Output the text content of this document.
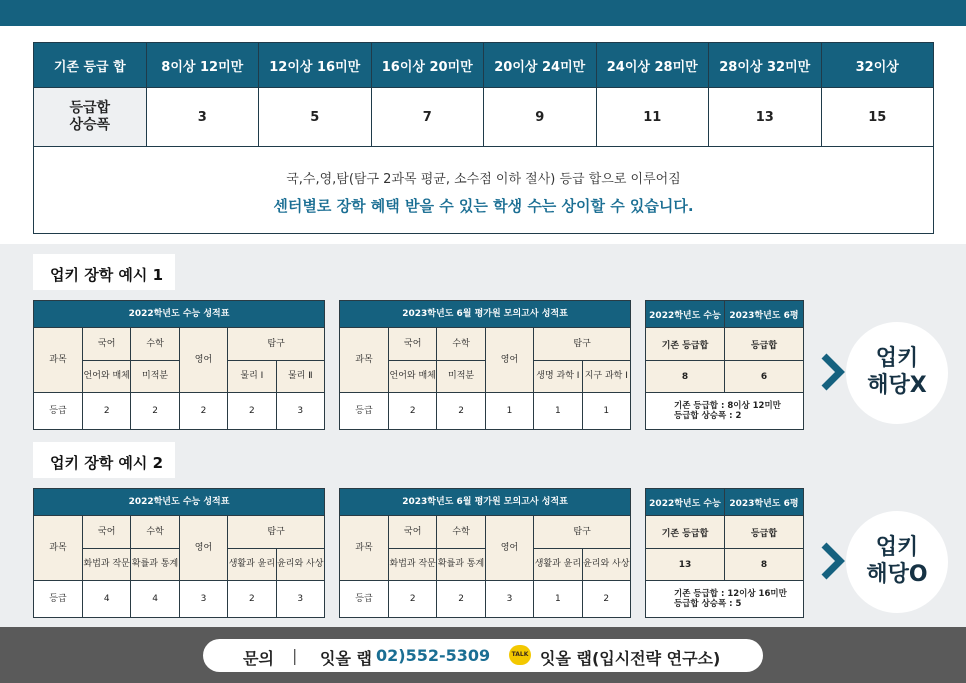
기존 등급 합	8이상 12미만	12이상 16미만	16이상 20미만	20이상 24미만	24이상 28미만	28이상 32미만	32이상
등급합
상승폭	3	5	7	9	11	13	15

국,수,영,탐(탐구 2과목 평균, 소수점 이하 절사) 등급 합으로 이루어짐
센터별로 장학 혜택 받을 수 있는 학생 수는 상이할 수 있습니다.							
업키 장학 예시 1
2022학년도 수능 성적표					
과목	국어	수학	영어	탐구	
	언어와 매체	미적분		물리 Ⅰ	물리 Ⅱ
등급	2	2	2	2	3
2023학년도 6월 평가원 모의고사 성적표					
과목	국어	수학	영어	탐구	
	언어와 매체	미적분		생명 과학 Ⅰ	지구 과학 Ⅰ
등급	2	2	1	1	1
2022학년도 수능	2023학년도 6평
기존 등급합	등급합
8	6
기존 등급합 : 8이상 12미만
등급합 상승폭 : 2	
업키
해당X
업키 장학 예시 2
2022학년도 수능 성적표					
과목	국어	수학	영어	탐구	
	화법과 작문	확률과 통계		생활과 윤리	윤리와 사상
등급	4	4	3	2	3
2023학년도 6월 평가원 모의고사 성적표					
과목	국어	수학	영어	탐구	
	화법과 작문	확률과 통계		생활과 윤리	윤리와 사상
등급	2	2	3	1	2
2022학년도 수능	2023학년도 6평
기존 등급합	등급합
13	8
기존 등급합 : 12이상 16미만
등급합 상승폭 : 5	
업키
해당O
문의 | 잇올 랩 02)552-5309	TALK 잇올 랩(입시전략 연구소)
